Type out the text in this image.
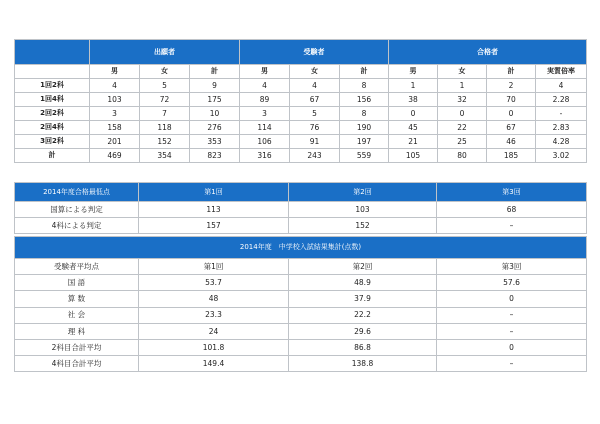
	出願者			受験者			合格者			
	男	女	計	男	女	計	男	女	計	実質倍率
1回2科	4	5	9	4	4	8	1	1	2	4
1回4科	103	72	175	89	67	156	38	32	70	2.28
2回2科	3	7	10	3	5	8	0	0	0	-
2回4科	158	118	276	114	76	190	45	22	67	2.83
3回2科	201	152	353	106	91	197	21	25	46	4.28
計	469	354	823	316	243	559	105	80	185	3.02
2014年度合格最低点	第1回	第2回	第3回
国算による判定	113	103	68
4科による判定	157	152	–
2014年度　中学校入試結果集計(点数)			
受験者平均点	第1回	第2回	第3回
国 語	53.7	48.9	57.6
算 数	48	37.9	0
社 会	23.3	22.2	–
理 科	24	29.6	–
2科目合計平均	101.8	86.8	0
4科目合計平均	149.4	138.8	–
